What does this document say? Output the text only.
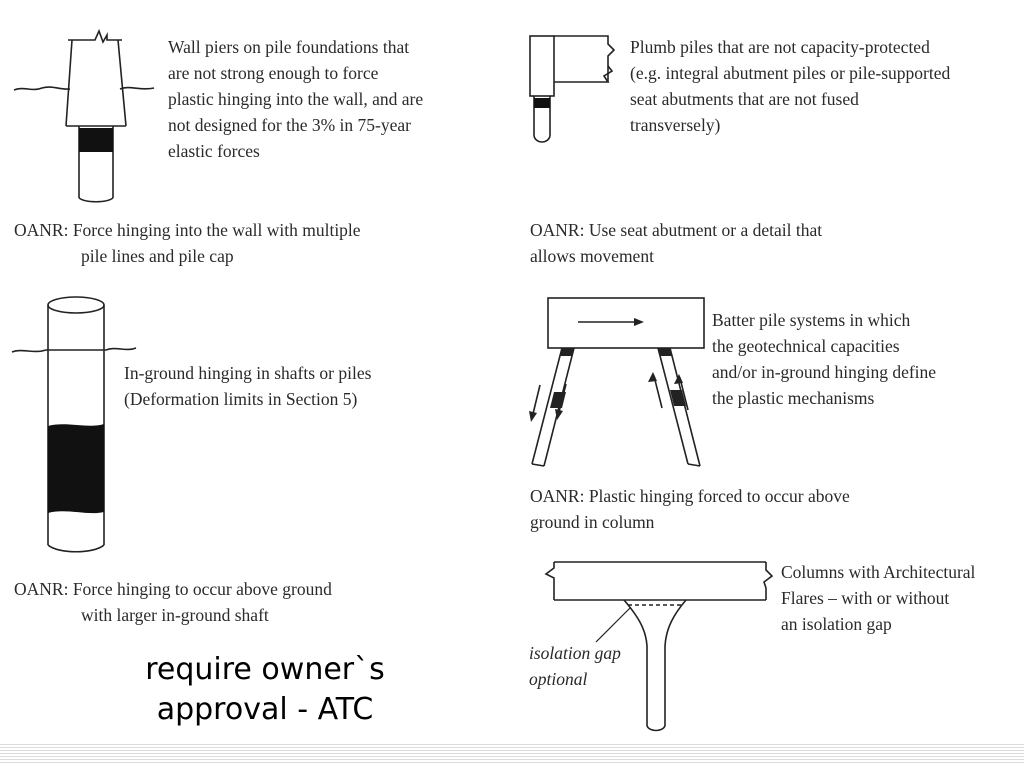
Wall piers on pile foundations that
are not strong enough to force
plastic hinging into the wall, and are
not designed for the 3% in 75-year
elastic forces
OANR: Force hinging into the wall with multiple
pile lines and pile cap
Plumb piles that are not capacity-protected
(e.g. integral abutment piles or pile-supported
seat abutments that are not fused
transversely)
OANR: Use seat abutment or a detail that
allows movement
In-ground hinging in shafts or piles
(Deformation limits in Section 5)
OANR: Force hinging to occur above ground
with larger in-ground shaft
Batter pile systems in which
the geotechnical capacities
and/or in-ground hinging define
the plastic mechanisms
OANR: Plastic hinging forced to occur above
ground in column
Columns with Architectural
Flares – with or without
an isolation gap
isolation gap
optional
require owner`s
approval - ATC
